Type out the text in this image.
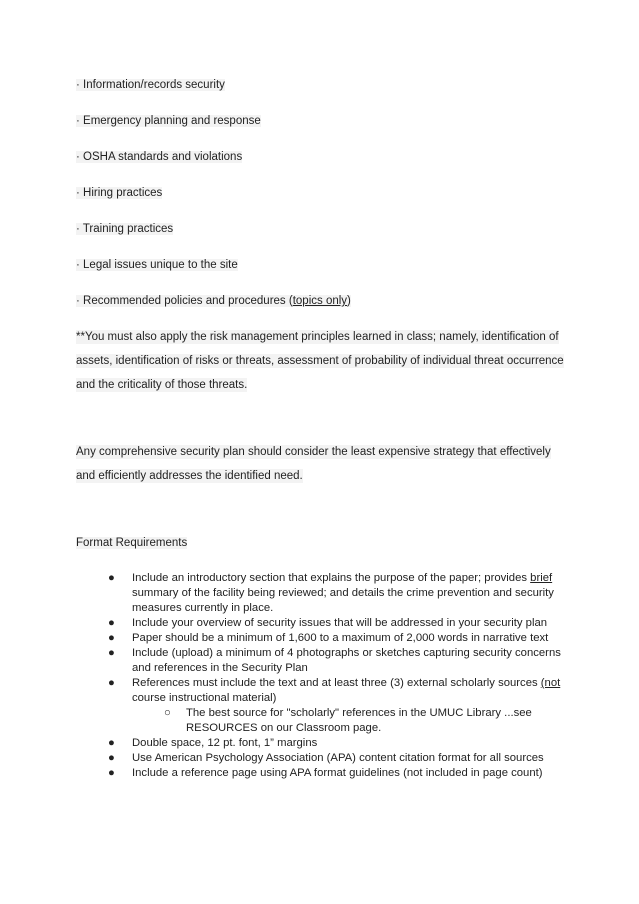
· Information/records security
· Emergency planning and response
· OSHA standards and violations
· Hiring practices
· Training practices
· Legal issues unique to the site
· Recommended policies and procedures (topics only)
**You must also apply the risk management principles learned in class; namely, identification of
assets, identification of risks or threats, assessment of probability of individual threat occurrence
and the criticality of those threats.
Any comprehensive security plan should consider the least expensive strategy that effectively
and efficiently addresses the identified need.
Format Requirements
● Include an introductory section that explains the purpose of the paper; provides brief summary of the facility being reviewed; and details the crime prevention and security measures currently in place.
● Include your overview of security issues that will be addressed in your security plan
● Paper should be a minimum of 1,600 to a maximum of 2,000 words in narrative text
● Include (upload) a minimum of 4 photographs or sketches capturing security concerns and references in the Security Plan
● References must include the text and at least three (3) external scholarly sources (not course instructional material)
○ The best source for "scholarly" references in the UMUC Library ...see RESOURCES on our Classroom page.
● Double space, 12 pt. font, 1” margins
● Use American Psychology Association (APA) content citation format for all sources
● Include a reference page using APA format guidelines (not included in page count)
